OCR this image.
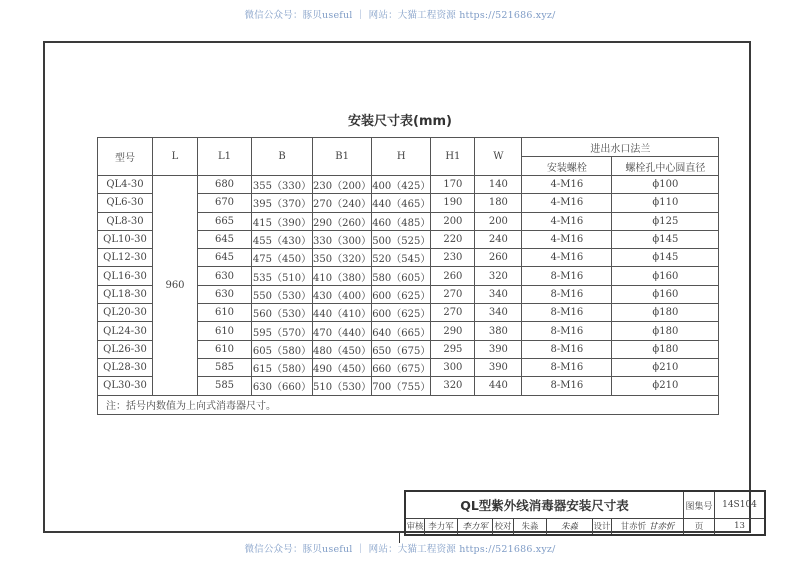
微信公众号：豚贝useful ｜ 网站：大猫工程资源 https://521686.xyz/
安装尺寸表(mm)
型号	L	L1	B	B1	H	H1	W	进出水口法兰	
								安装螺栓	螺栓孔中心圆直径
QL4-30	960	680	355（330）	230（200）	400（425）	170	140	4-M16	ϕ100
QL6-30		670	395（370）	270（240）	440（465）	190	180	4-M16	ϕ110
QL8-30		665	415（390）	290（260）	460（485）	200	200	4-M16	ϕ125
QL10-30		645	455（430）	330（300）	500（525）	220	240	4-M16	ϕ145
QL12-30		645	475（450）	350（320）	520（545）	230	260	4-M16	ϕ145
QL16-30		630	535（510）	410（380）	580（605）	260	320	8-M16	ϕ160
QL18-30		630	550（530）	430（400）	600（625）	270	340	8-M16	ϕ160
QL20-30		610	560（530）	440（410）	600（625）	270	340	8-M16	ϕ180
QL24-30		610	595（570）	470（440）	640（665）	290	380	8-M16	ϕ180
QL26-30		610	605（580）	480（450）	650（675）	295	390	8-M16	ϕ180
QL28-30		585	615（580）	490（450）	660（675）	300	390	8-M16	ϕ210
QL30-30		585	630（660）	510（530）	700（755）	320	440	8-M16	ϕ210
注：括号内数值为上向式消毒器尺寸。									
QL型紫外线消毒器安装尺寸表								图集号	14S104
审核	李力军	李力军	校对	朱淼	朱淼	设计	甘赤忻 甘赤忻	页	13
微信公众号：豚贝useful ｜ 网站：大猫工程资源 https://521686.xyz/
